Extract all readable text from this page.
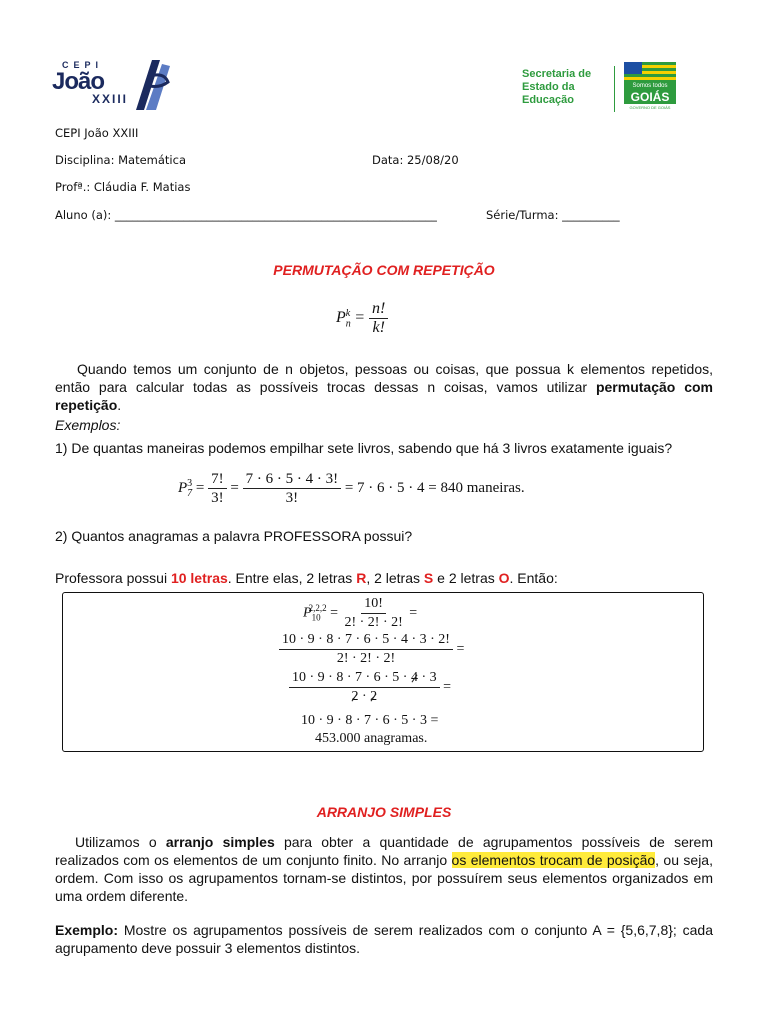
CEPI
João
XXIII
Secretaria de
Estado da
Educação
Somos todos
GOIÁS
GOVERNO DE GOIÁS
CEPI João XXIII
Disciplina: Matemática	Data: 25/08/20
Profª.: Cláudia F. Matias
Aluno (a): ________________________________________________________	Série/Turma: __________
PERMUTAÇÃO COM REPETIÇÃO
$P_n^k = \frac{n!}{k!}$
Quando temos um conjunto de n objetos, pessoas ou coisas, que possua k elementos repetidos, então para calcular todas as possíveis trocas dessas n coisas, vamos utilizar permutação com repetição.
Exemplos:
1) De quantas maneiras podemos empilhar sete livros, sabendo que há 3 livros exatamente iguais?
$P_7^3 = \frac{7!}{3!} = \frac{7 \cdot 6 \cdot 5 \cdot 4 \cdot 3!}{3!} = 7 \cdot 6 \cdot 5 \cdot 4 = 840$ maneiras.
2) Quantos anagramas a palavra PROFESSORA possui?
Professora possui 10 letras. Entre elas, 2 letras R, 2 letras S e 2 letras O. Então:
$P_{10}^{2,2,2} = \frac{10!}{2! \cdot 2! \cdot 2!}$ =
$\frac{10 \cdot 9 \cdot 8 \cdot 7 \cdot 6 \cdot 5 \cdot 4 \cdot 3 \cdot 2!}{2! \cdot 2! \cdot 2!}$ =
$\frac{10 \cdot 9 \cdot 8 \cdot 7 \cdot 6 \cdot 5 \cdot 4 \cdot 3}{2 \cdot 2}$ =
10 · 9 · 8 · 7 · 6 · 5 · 3 =
453.000 anagramas.
ARRANJO SIMPLES
Utilizamos o arranjo simples para obter a quantidade de agrupamentos possíveis de serem realizados com os elementos de um conjunto finito. No arranjo os elementos trocam de posição, ou seja, ordem. Com isso os agrupamentos tornam-se distintos, por possuírem seus elementos organizados em uma ordem diferente.
Exemplo: Mostre os agrupamentos possíveis de serem realizados com o conjunto A = {5,6,7,8}; cada agrupamento deve possuir 3 elementos distintos.
